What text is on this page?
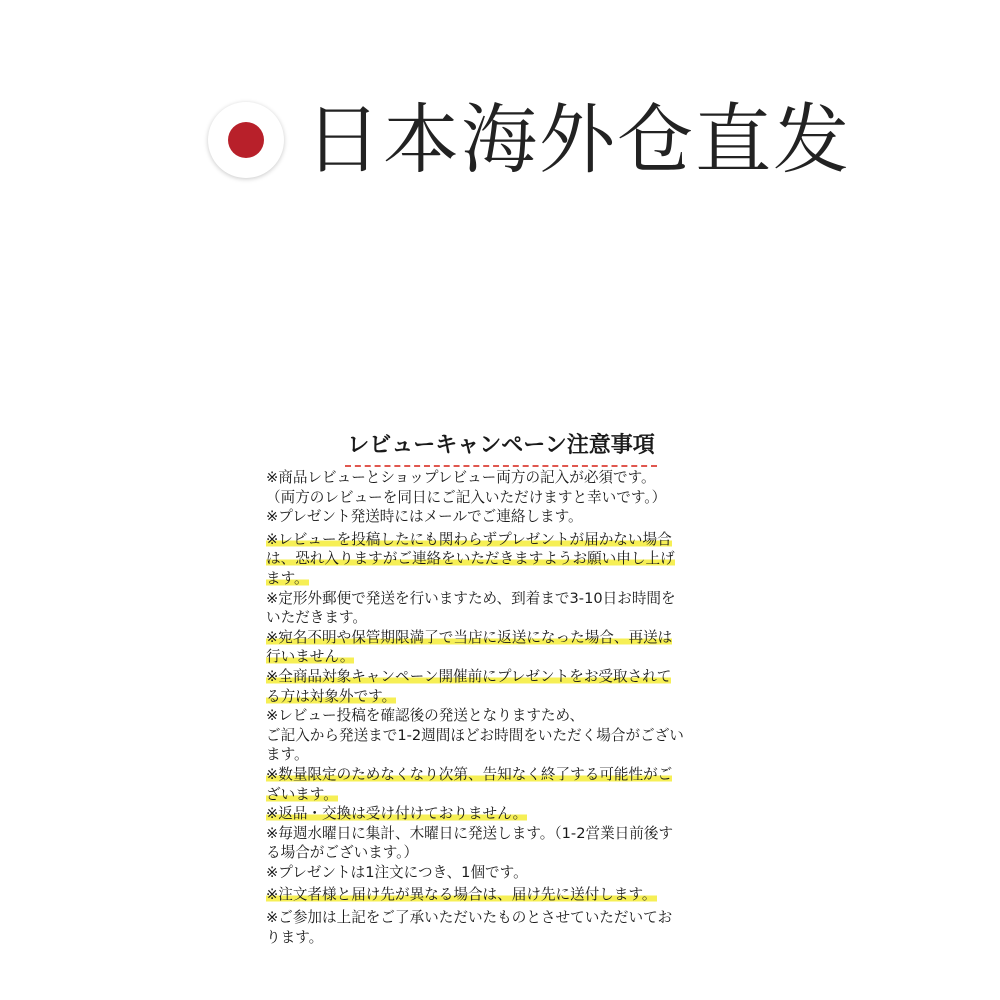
日本海外仓直发
レビューキャンペーン注意事項
※商品レビューとショップレビュー両方の記入が必須です。
（両方のレビューを同日にご記入いただけますと幸いです。）
※プレゼント発送時にはメールでご連絡します。
※レビューを投稿したにも関わらずプレゼントが届かない場合
は、恐れ入りますがご連絡をいただきますようお願い申し上げ
ます。
※定形外郵便で発送を行いますため、到着まで3-10日お時間を
いただきます。
※宛名不明や保管期限満了で当店に返送になった場合、再送は
行いません。
※全商品対象キャンペーン開催前にプレゼントをお受取されて
る方は対象外です。
※レビュー投稿を確認後の発送となりますため、
ご記入から発送まで1-2週間ほどお時間をいただく場合がござい
ます。
※数量限定のためなくなり次第、告知なく終了する可能性がご
ざいます。
※返品・交換は受け付けておりません。
※毎週水曜日に集計、木曜日に発送します。（1-2営業日前後す
る場合がございます。）
※プレゼントは1注文につき、1個です。
※注文者様と届け先が異なる場合は、届け先に送付します。
※ご参加は上記をご了承いただいたものとさせていただいてお
ります。
